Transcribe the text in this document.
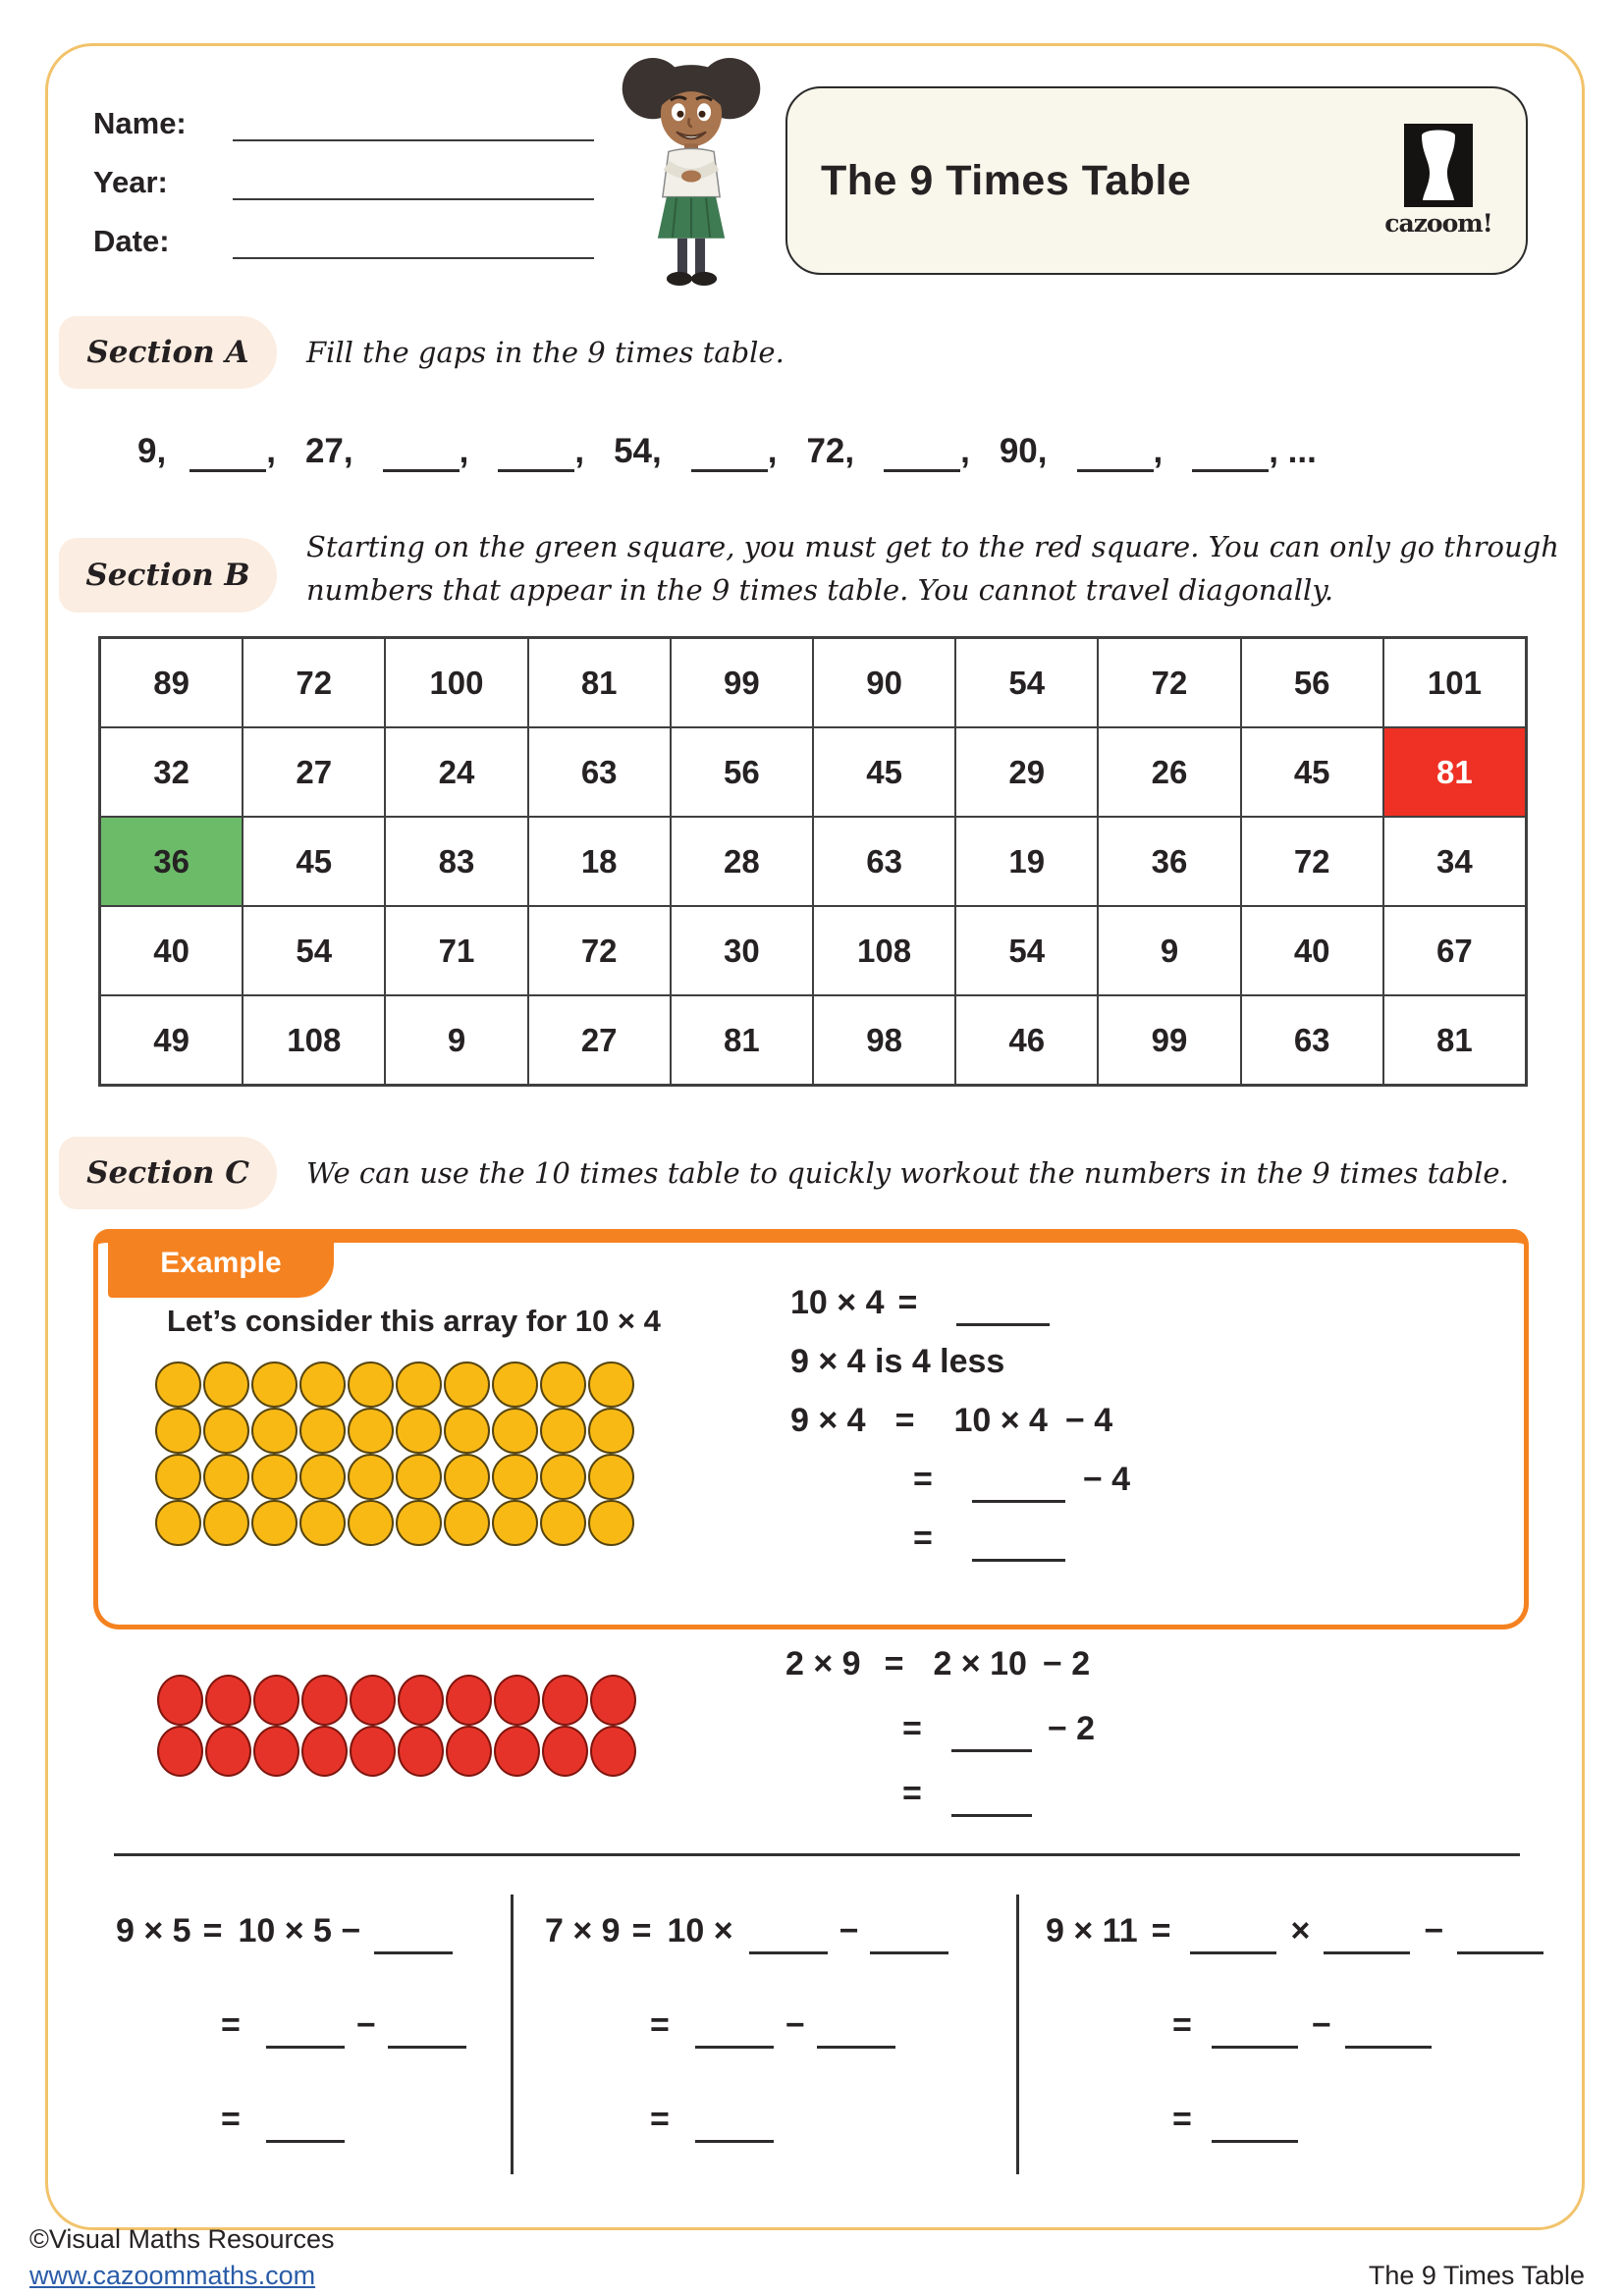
Name:
Year:
Date:
The 9 Times Table
cazoom!
Section A	Fill the gaps in the 9 times table.
9,	, 27,	,	, 54,	, 72,	, 90,	,	, ...
Section B
Starting on the green square, you must get to the red square. You can only go through
numbers that appear in the 9 times table. You cannot travel diagonally.
89	72	100	81	99	90	54	72	56	101
32	27	24	63	56	45	29	26	45	81
36	45	83	18	28	63	19	36	72	34
40	54	71	72	30	108	54	9	40	67
49	108	9	27	81	98	46	99	63	81
Section C	We can use the 10 times table to quickly workout the numbers in the 9 times table.
Example
Let’s consider this array for 10 × 4	10 × 4 =
9 × 4 is 4 less
9 × 4 = 10 × 4 − 4
=	− 4
=
2 × 9 = 2 × 10 − 2
=	− 2
=
9 × 5 = 10 × 5 −
=	−
=
7 × 9 = 10 ×	−
=	−
=
9 × 11 =	×	−
=	−
=
©Visual Maths Resources
www.cazoommaths.com	The 9 Times Table
